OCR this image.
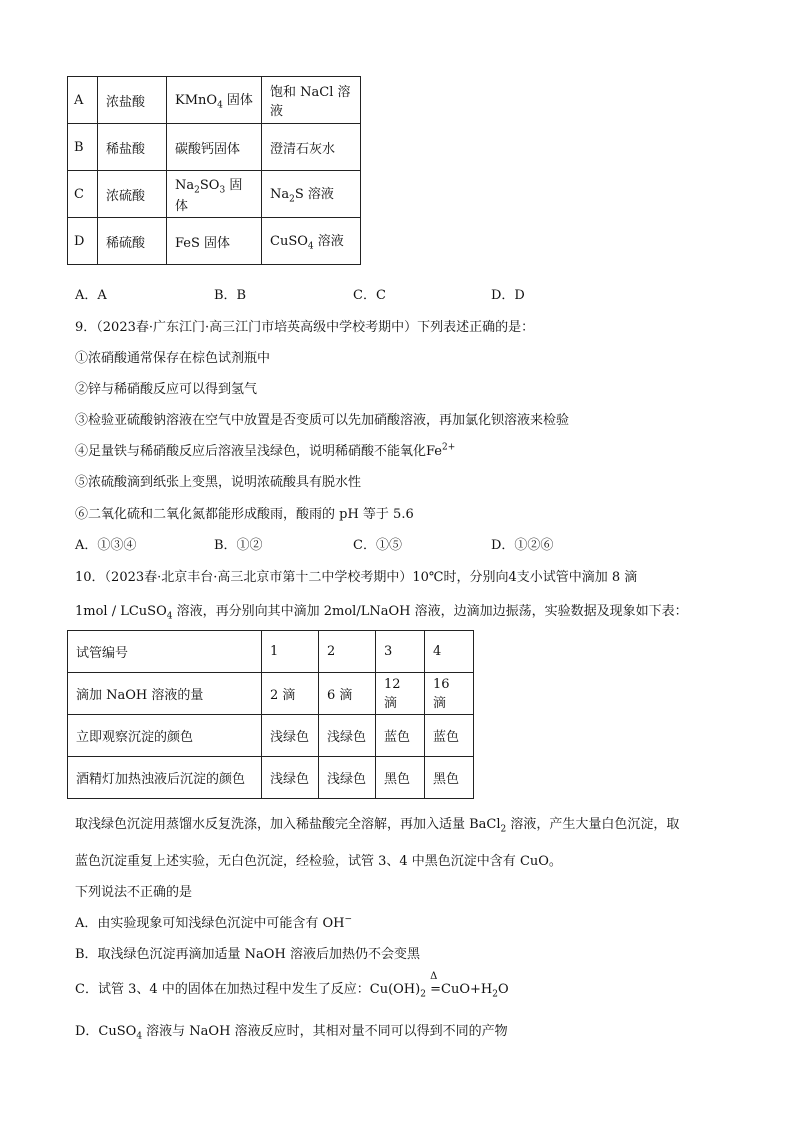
A	浓盐酸	KMnO$_4$ 固体	饱和 NaCl 溶液
B	稀盐酸	碳酸钙固体	澄清石灰水
C	浓硫酸	$Na_2SO_3$ 固体	$Na_2S$ 溶液
D	稀硫酸	FeS 固体	CuSO$_4$ 溶液
A．A	B．B	C．C	D．D
9．（2023春·广东江门·高三江门市培英高级中学校考期中）下列表述正确的是：
①浓硝酸通常保存在棕色试剂瓶中
②锌与稀硝酸反应可以得到氢气
③检验亚硫酸钠溶液在空气中放置是否变质可以先加硝酸溶液，再加氯化钡溶液来检验
④足量铁与稀硝酸反应后溶液呈浅绿色，说明稀硝酸不能氧化$Fe^{2+}$
⑤浓硫酸滴到纸张上变黑，说明浓硫酸具有脱水性
⑥二氧化硫和二氧化氮都能形成酸雨，酸雨的 pH 等于 5.6
A．①③④	B．①②	C．①⑤	D．①②⑥
10．（2023春·北京丰台·高三北京市第十二中学校考期中）10℃时，分别向4支小试管中滴加 8 滴
1mol / LCuSO$_4$ 溶液，再分别向其中滴加 2mol/LNaOH 溶液，边滴加边振荡，实验数据及现象如下表：
试管编号	1	2	3	4
滴加 NaOH 溶液的量	2 滴	6 滴	12 滴	16 滴
立即观察沉淀的颜色	浅绿色	浅绿色	蓝色	蓝色
酒精灯加热浊液后沉淀的颜色	浅绿色	浅绿色	黑色	黑色
取浅绿色沉淀用蒸馏水反复洗涤，加入稀盐酸完全溶解，再加入适量 BaCl$_2$ 溶液，产生大量白色沉淀，取
蓝色沉淀重复上述实验，无白色沉淀，经检验，试管 3、4 中黑色沉淀中含有 CuO。
下列说法不正确的是
A．由实验现象可知浅绿色沉淀中可能含有 OH−
B．取浅绿色沉淀再滴加适量 NaOH 溶液后加热仍不会变黑
C．试管 3、4 中的固体在加热过程中发生了反应：$Cu(OH)_2$
Δ
$=CuO+H_2O$
D．CuSO$_4$ 溶液与 NaOH 溶液反应时，其相对量不同可以得到不同的产物
